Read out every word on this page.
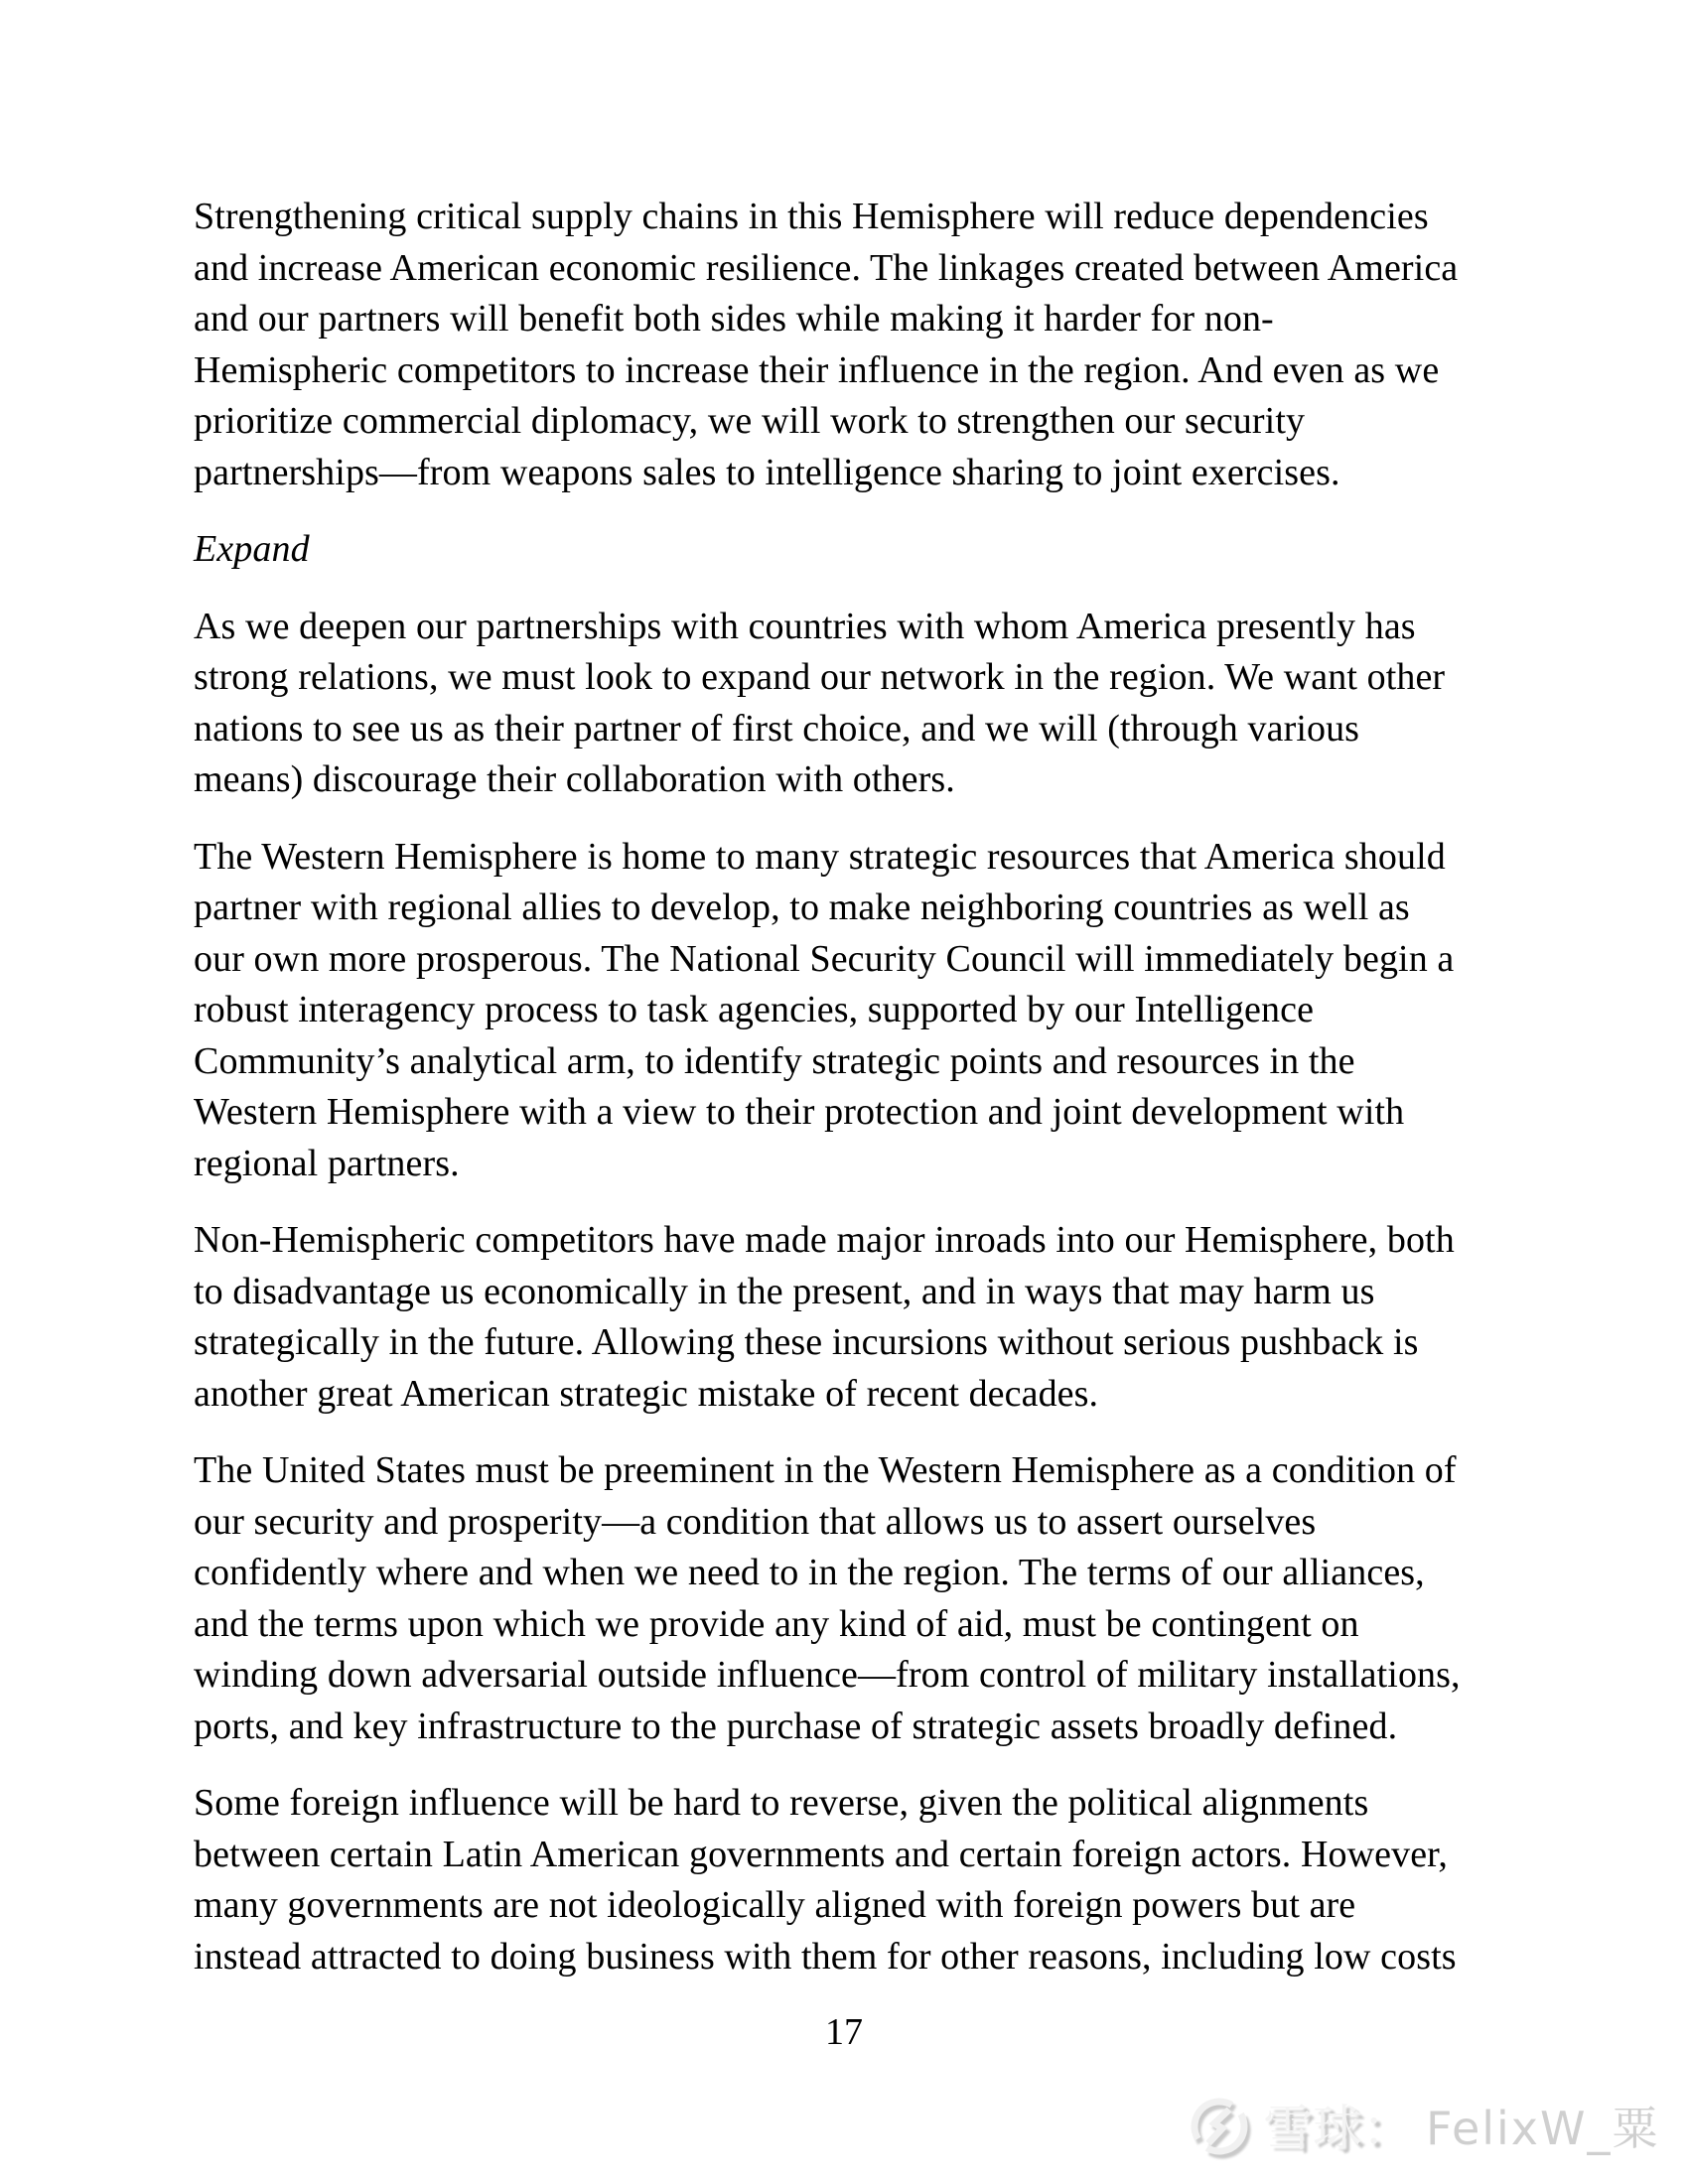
Strengthening critical supply chains in this Hemisphere will reduce dependencies
and increase American economic resilience. The linkages created between America
and our partners will benefit both sides while making it harder for non-
Hemispheric competitors to increase their influence in the region. And even as we
prioritize commercial diplomacy, we will work to strengthen our security
partnerships—from weapons sales to intelligence sharing to joint exercises.

Expand

As we deepen our partnerships with countries with whom America presently has
strong relations, we must look to expand our network in the region. We want other
nations to see us as their partner of first choice, and we will (through various
means) discourage their collaboration with others.

The Western Hemisphere is home to many strategic resources that America should
partner with regional allies to develop, to make neighboring countries as well as
our own more prosperous. The National Security Council will immediately begin a
robust interagency process to task agencies, supported by our Intelligence
Community’s analytical arm, to identify strategic points and resources in the
Western Hemisphere with a view to their protection and joint development with
regional partners.

Non-Hemispheric competitors have made major inroads into our Hemisphere, both
to disadvantage us economically in the present, and in ways that may harm us
strategically in the future. Allowing these incursions without serious pushback is
another great American strategic mistake of recent decades.

The United States must be preeminent in the Western Hemisphere as a condition of
our security and prosperity—a condition that allows us to assert ourselves
confidently where and when we need to in the region. The terms of our alliances,
and the terms upon which we provide any kind of aid, must be contingent on
winding down adversarial outside influence—from control of military installations,
ports, and key infrastructure to the purchase of strategic assets broadly defined.

Some foreign influence will be hard to reverse, given the political alignments
between certain Latin American governments and certain foreign actors. However,
many governments are not ideologically aligned with foreign powers but are
instead attracted to doing business with them for other reasons, including low costs

17
雪球： FelixW_粟
